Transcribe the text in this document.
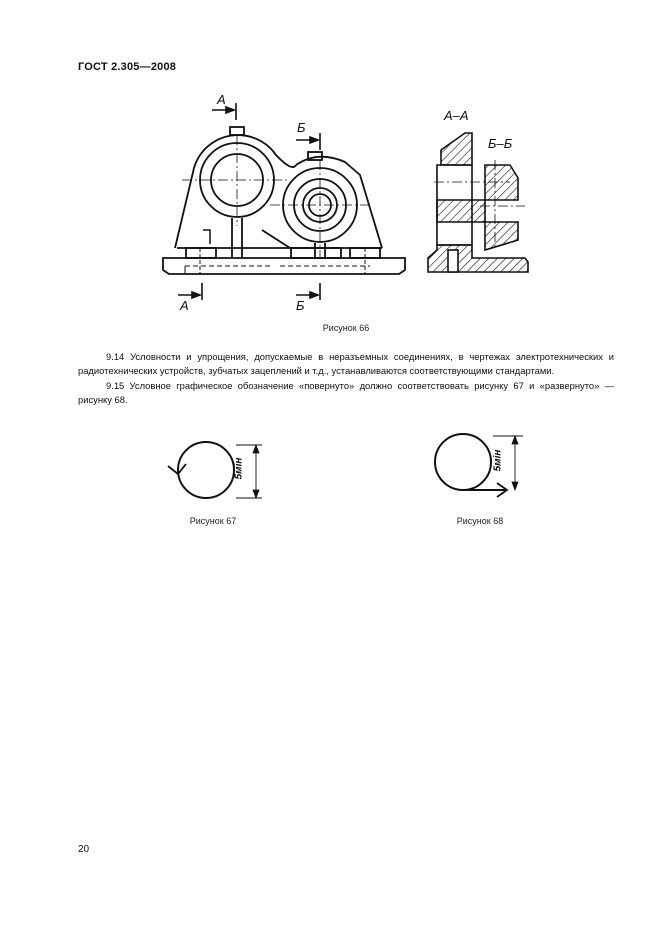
ГОСТ 2.305—2008
А
Б
А	Б
А–А
Б–Б
Рисунок 66

9.14 Условности и упрощения, допускаемые в неразъемных соединениях, в чертежах электротехнических и радиотехнических устройств, зубчатых зацеплений и т.д., устанавливаются соответствующими стандартами.

9.15 Условное графическое обозначение «повернуто» должно соответствовать рисунку 67 и «развернуто» — рисунку 68.

5мін	5мін
Рисунок 67	Рисунок 68
20
